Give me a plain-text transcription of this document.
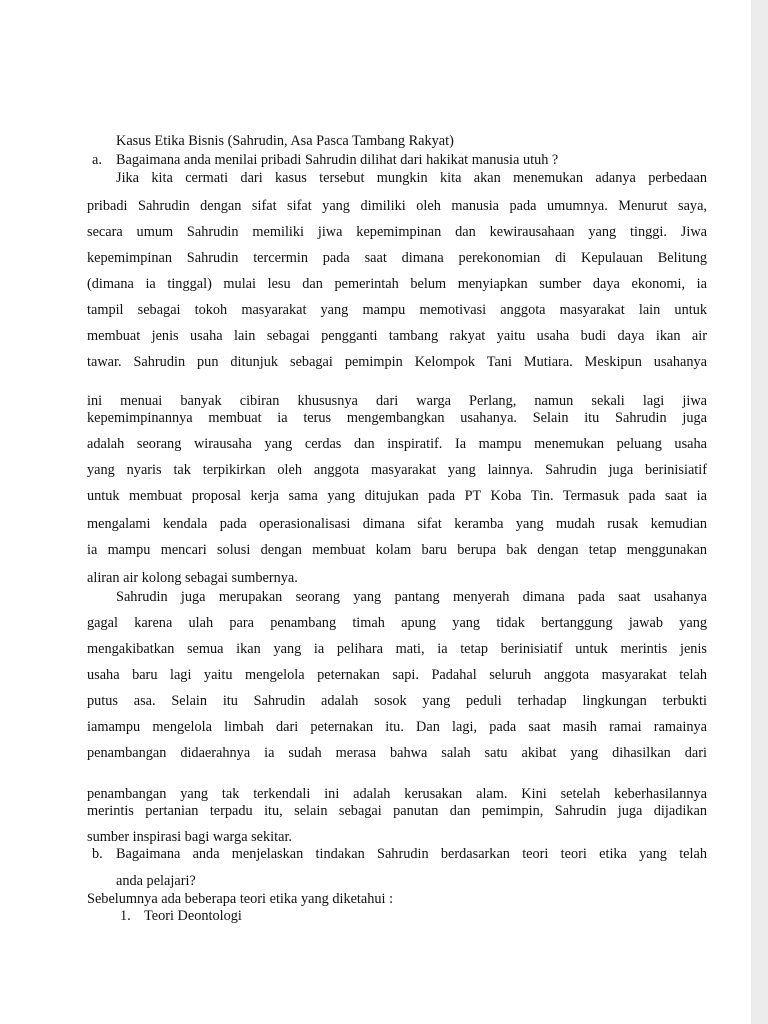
Kasus Etika Bisnis (Sahrudin, Asa Pasca Tambang Rakyat)
a. Bagaimana anda menilai pribadi Sahrudin dilihat dari hakikat manusia utuh ?
Jika kita cermati dari kasus tersebut mungkin kita akan menemukan adanya perbedaan
pribadi Sahrudin dengan sifat sifat yang dimiliki oleh manusia pada umumnya. Menurut saya,
secara umum Sahrudin memiliki jiwa kepemimpinan dan kewirausahaan yang tinggi. Jiwa
kepemimpinan Sahrudin tercermin pada saat dimana perekonomian di Kepulauan Belitung
(dimana ia tinggal) mulai lesu dan pemerintah belum menyiapkan sumber daya ekonomi, ia
tampil sebagai tokoh masyarakat yang mampu memotivasi anggota masyarakat lain untuk
membuat jenis usaha lain sebagai pengganti tambang rakyat yaitu usaha budi daya ikan air
tawar. Sahrudin pun ditunjuk sebagai pemimpin Kelompok Tani Mutiara. Meskipun usahanya
ini menuai banyak cibiran khususnya dari warga Perlang, namun sekali lagi jiwa
kepemimpinannya membuat ia terus mengembangkan usahanya. Selain itu Sahrudin juga
adalah seorang wirausaha yang cerdas dan inspiratif. Ia mampu menemukan peluang usaha
yang nyaris tak terpikirkan oleh anggota masyarakat yang lainnya. Sahrudin juga berinisiatif
untuk membuat proposal kerja sama yang ditujukan pada PT Koba Tin. Termasuk pada saat ia
mengalami kendala pada operasionalisasi dimana sifat keramba yang mudah rusak kemudian
ia mampu mencari solusi dengan membuat kolam baru berupa bak dengan tetap menggunakan
aliran air kolong sebagai sumbernya.
Sahrudin juga merupakan seorang yang pantang menyerah dimana pada saat usahanya
gagal karena ulah para penambang timah apung yang tidak bertanggung jawab yang
mengakibatkan semua ikan yang ia pelihara mati, ia tetap berinisiatif untuk merintis jenis
usaha baru lagi yaitu mengelola peternakan sapi. Padahal seluruh anggota masyarakat telah
putus asa. Selain itu Sahrudin adalah sosok yang peduli terhadap lingkungan terbukti
iamampu mengelola limbah dari peternakan itu. Dan lagi, pada saat masih ramai ramainya
penambangan didaerahnya ia sudah merasa bahwa salah satu akibat yang dihasilkan dari
penambangan yang tak terkendali ini adalah kerusakan alam. Kini setelah keberhasilannya
merintis pertanian terpadu itu, selain sebagai panutan dan pemimpin, Sahrudin juga dijadikan
sumber inspirasi bagi warga sekitar.
b. Bagaimana anda menjelaskan tindakan Sahrudin berdasarkan teori teori etika yang telah
anda pelajari?
Sebelumnya ada beberapa teori etika yang diketahui :
1. Teori Deontologi
